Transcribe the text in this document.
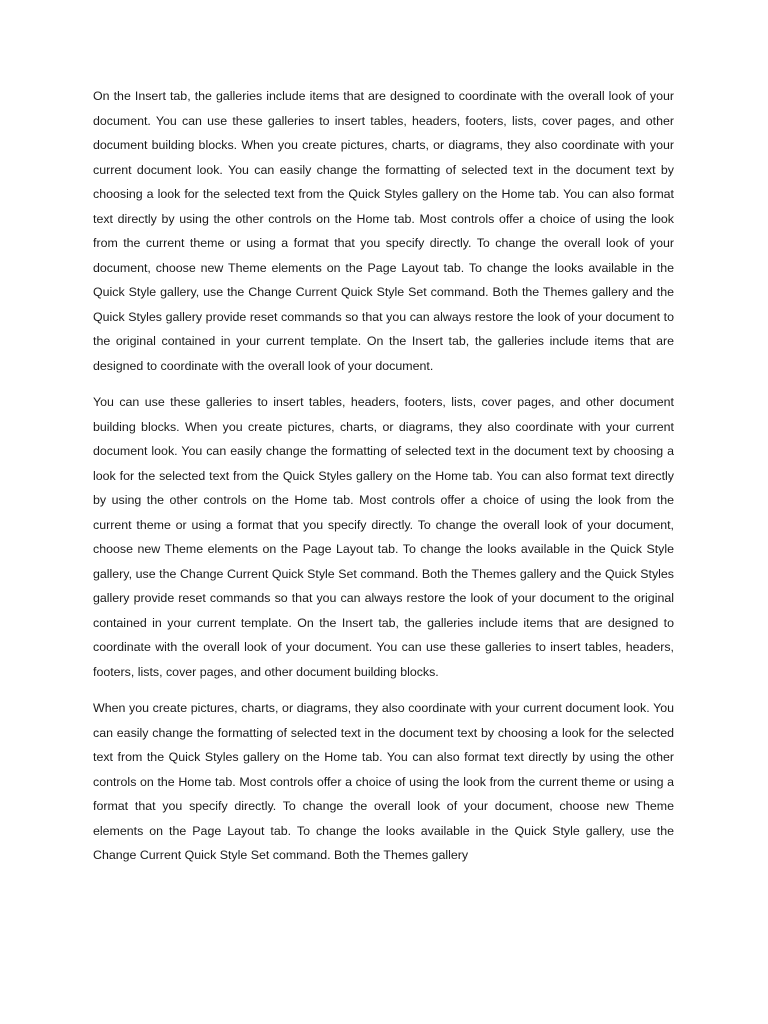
On the Insert tab, the galleries include items that are designed to coordinate with the overall look of your document. You can use these galleries to insert tables, headers, footers, lists, cover pages, and other document building blocks. When you create pictures, charts, or diagrams, they also coordinate with your current document look. You can easily change the formatting of selected text in the document text by choosing a look for the selected text from the Quick Styles gallery on the Home tab. You can also format text directly by using the other controls on the Home tab. Most controls offer a choice of using the look from the current theme or using a format that you specify directly. To change the overall look of your document, choose new Theme elements on the Page Layout tab. To change the looks available in the Quick Style gallery, use the Change Current Quick Style Set command. Both the Themes gallery and the Quick Styles gallery provide reset commands so that you can always restore the look of your document to the original contained in your current template. On the Insert tab, the galleries include items that are designed to coordinate with the overall look of your document.

You can use these galleries to insert tables, headers, footers, lists, cover pages, and other document building blocks. When you create pictures, charts, or diagrams, they also coordinate with your current document look. You can easily change the formatting of selected text in the document text by choosing a look for the selected text from the Quick Styles gallery on the Home tab. You can also format text directly by using the other controls on the Home tab. Most controls offer a choice of using the look from the current theme or using a format that you specify directly. To change the overall look of your document, choose new Theme elements on the Page Layout tab. To change the looks available in the Quick Style gallery, use the Change Current Quick Style Set command. Both the Themes gallery and the Quick Styles gallery provide reset commands so that you can always restore the look of your document to the original contained in your current template. On the Insert tab, the galleries include items that are designed to coordinate with the overall look of your document. You can use these galleries to insert tables, headers, footers, lists, cover pages, and other document building blocks.

When you create pictures, charts, or diagrams, they also coordinate with your current document look. You can easily change the formatting of selected text in the document text by choosing a look for the selected text from the Quick Styles gallery on the Home tab. You can also format text directly by using the other controls on the Home tab. Most controls offer a choice of using the look from the current theme or using a format that you specify directly. To change the overall look of your document, choose new Theme elements on the Page Layout tab. To change the looks available in the Quick Style gallery, use the Change Current Quick Style Set command. Both the Themes gallery
